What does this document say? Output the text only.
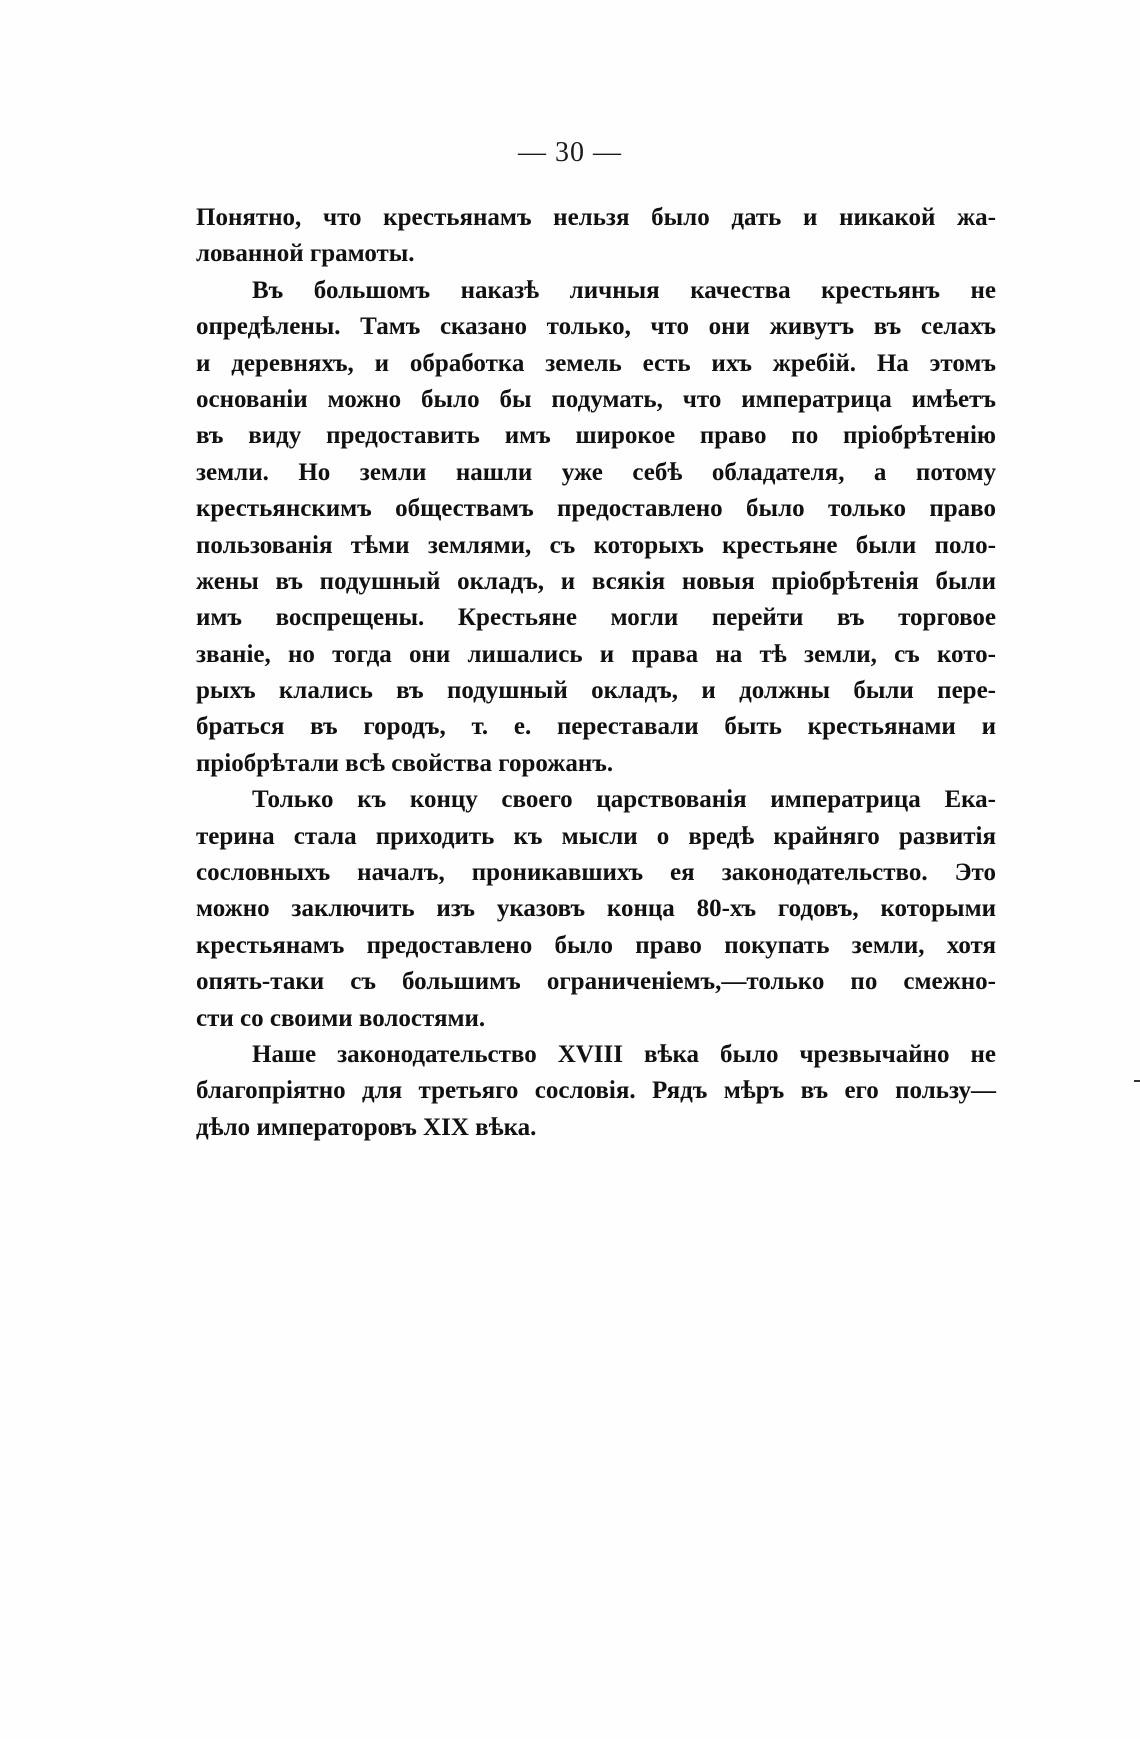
— 30 —
Понятно, что крестьянамъ нельзя было дать и никакой жа-
лованной грамоты.
Въ большомъ наказѣ личныя качества крестьянъ не
опредѣлены. Тамъ сказано только, что они живутъ въ селахъ
и деревняхъ, и обработка земель есть ихъ жребій. На этомъ
основаніи можно было бы подумать, что императрица имѣетъ
въ виду предоставить имъ широкое право по пріобрѣтенію
земли. Но земли нашли уже себѣ обладателя, а потому
крестьянскимъ обществамъ предоставлено было только право
пользованія тѣми землями, съ которыхъ крестьяне были поло-
жены въ подушный окладъ, и всякія новыя пріобрѣтенія были
имъ воспрещены. Крестьяне могли перейти въ торговое
званіе, но тогда они лишались и права на тѣ земли, съ кото-
рыхъ клались въ подушный окладъ, и должны были пере-
браться въ городъ, т. е. переставали быть крестьянами и
пріобрѣтали всѣ свойства горожанъ.
Только къ концу своего царствованія императрица Ека-
терина стала приходить къ мысли о вредѣ крайняго развитія
сословныхъ началъ, проникавшихъ ея законодательство. Это
можно заключить изъ указовъ конца 80-хъ годовъ, которыми
крестьянамъ предоставлено было право покупать земли, хотя
опять-таки съ большимъ ограниченіемъ,—только по смежно-
сти со своими волостями.
Наше законодательство XVIII вѣка было чрезвычайно не
благопріятно для третьяго сословія. Рядъ мѣръ въ его пользу—
дѣло императоровъ XIX вѣка.
